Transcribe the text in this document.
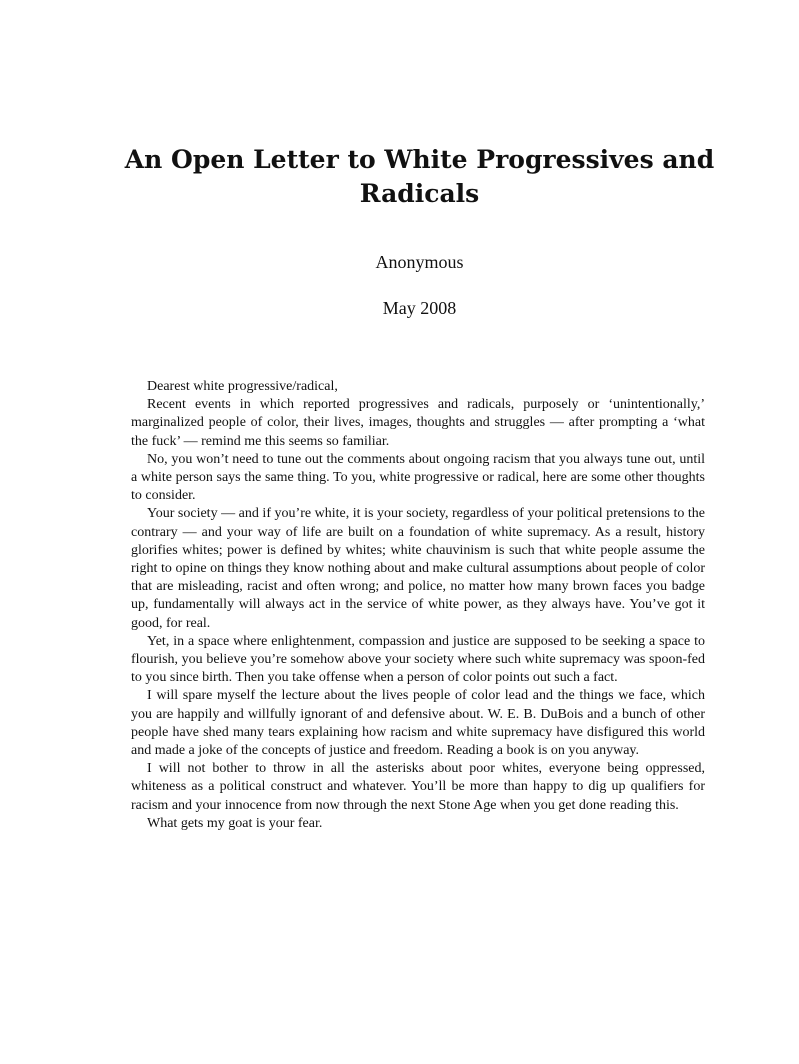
An Open Letter to White Progressives and Radicals
Anonymous
May 2008

Dearest white progressive/radical,

Recent events in which reported progressives and radicals, purposely or ‘unintentionally,’ marginalized people of color, their lives, images, thoughts and struggles — after prompting a ‘what the fuck’ — remind me this seems so familiar.

No, you won’t need to tune out the comments about ongoing racism that you always tune out, until a white person says the same thing. To you, white progressive or radical, here are some other thoughts to consider.

Your society — and if you’re white, it is your society, regardless of your political pretensions to the contrary — and your way of life are built on a foundation of white supremacy. As a result, history glorifies whites; power is defined by whites; white chauvinism is such that white people assume the right to opine on things they know nothing about and make cultural assumptions about people of color that are misleading, racist and often wrong; and police, no matter how many brown faces you badge up, fundamentally will always act in the service of white power, as they always have. You’ve got it good, for real.

Yet, in a space where enlightenment, compassion and justice are supposed to be seeking a space to flourish, you believe you’re somehow above your society where such white supremacy was spoon-fed to you since birth. Then you take offense when a person of color points out such a fact.

I will spare myself the lecture about the lives people of color lead and the things we face, which you are happily and willfully ignorant of and defensive about. W. E. B. DuBois and a bunch of other people have shed many tears explaining how racism and white supremacy have disfigured this world and made a joke of the concepts of justice and freedom. Reading a book is on you anyway.

I will not bother to throw in all the asterisks about poor whites, everyone being oppressed, whiteness as a political construct and whatever. You’ll be more than happy to dig up qualifiers for racism and your innocence from now through the next Stone Age when you get done reading this.

What gets my goat is your fear.
